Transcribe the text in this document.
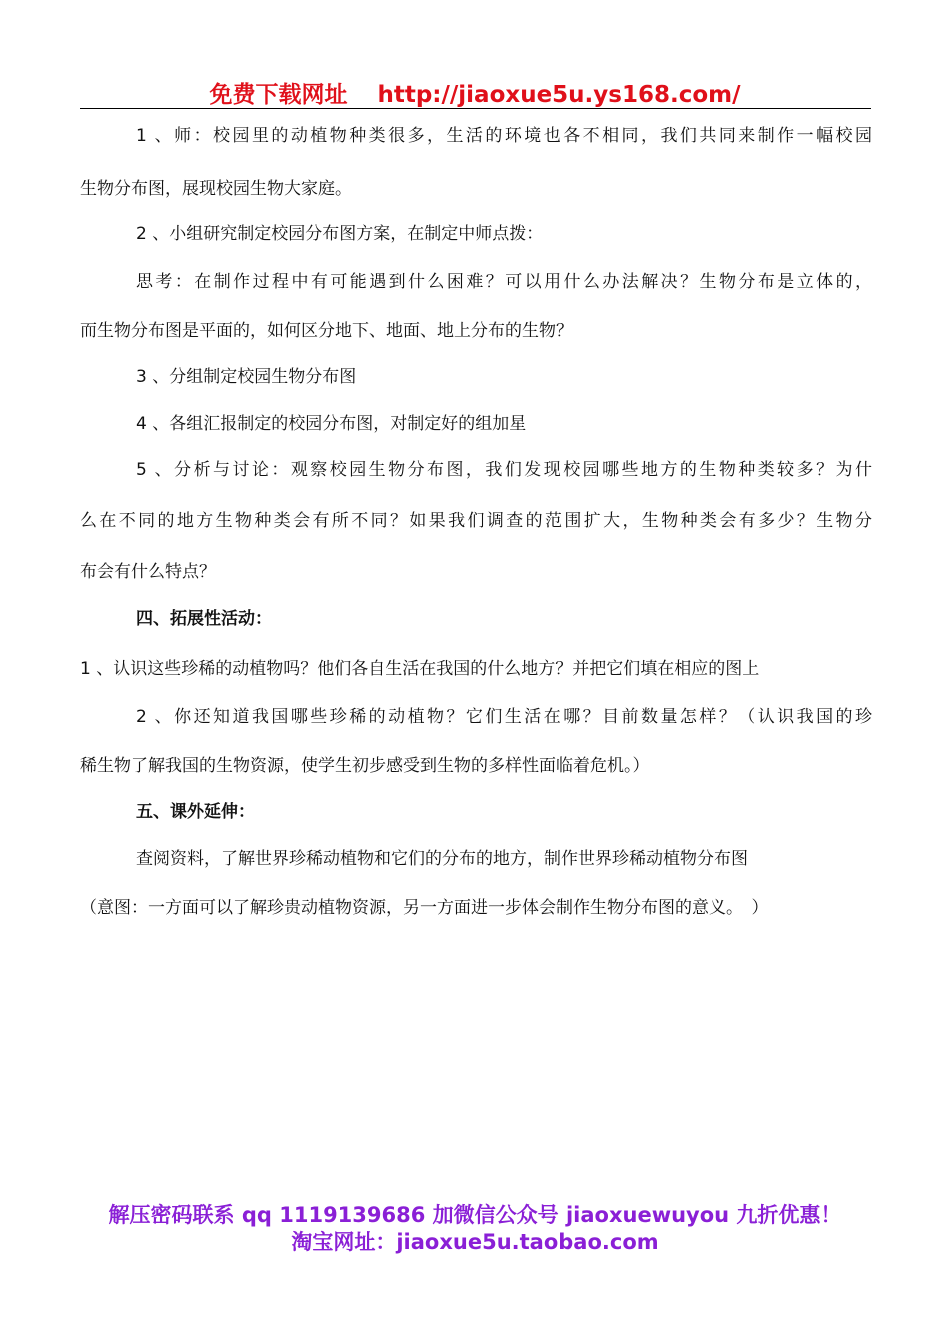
免费下载网址 http://jiaoxue5u.ys168.com/
1 、师：校园里的动植物种类很多，生活的环境也各不相同，我们共同来制作一幅校园
生物分布图，展现校园生物大家庭。
2 、小组研究制定校园分布图方案，在制定中师点拨：
思考：在制作过程中有可能遇到什么困难？可以用什么办法解决？生物分布是立体的，
而生物分布图是平面的，如何区分地下、地面、地上分布的生物？
3 、分组制定校园生物分布图
4 、各组汇报制定的校园分布图，对制定好的组加星
5 、分析与讨论：观察校园生物分布图，我们发现校园哪些地方的生物种类较多？为什
么在不同的地方生物种类会有所不同？如果我们调查的范围扩大，生物种类会有多少？生物分
布会有什么特点？
四、拓展性活动：
1 、认识这些珍稀的动植物吗？他们各自生活在我国的什么地方？并把它们填在相应的图上
2 、你还知道我国哪些珍稀的动植物？它们生活在哪？目前数量怎样？（认识我国的珍
稀生物了解我国的生物资源，使学生初步感受到生物的多样性面临着危机。）
五、课外延伸：
查阅资料，了解世界珍稀动植物和它们的分布的地方，制作世界珍稀动植物分布图
（意图：一方面可以了解珍贵动植物资源，另一方面进一步体会制作生物分布图的意义。　）
解压密码联系 qq 1119139686 加微信公众号 jiaoxuewuyou 九折优惠！
淘宝网址：jiaoxue5u.taobao.com
